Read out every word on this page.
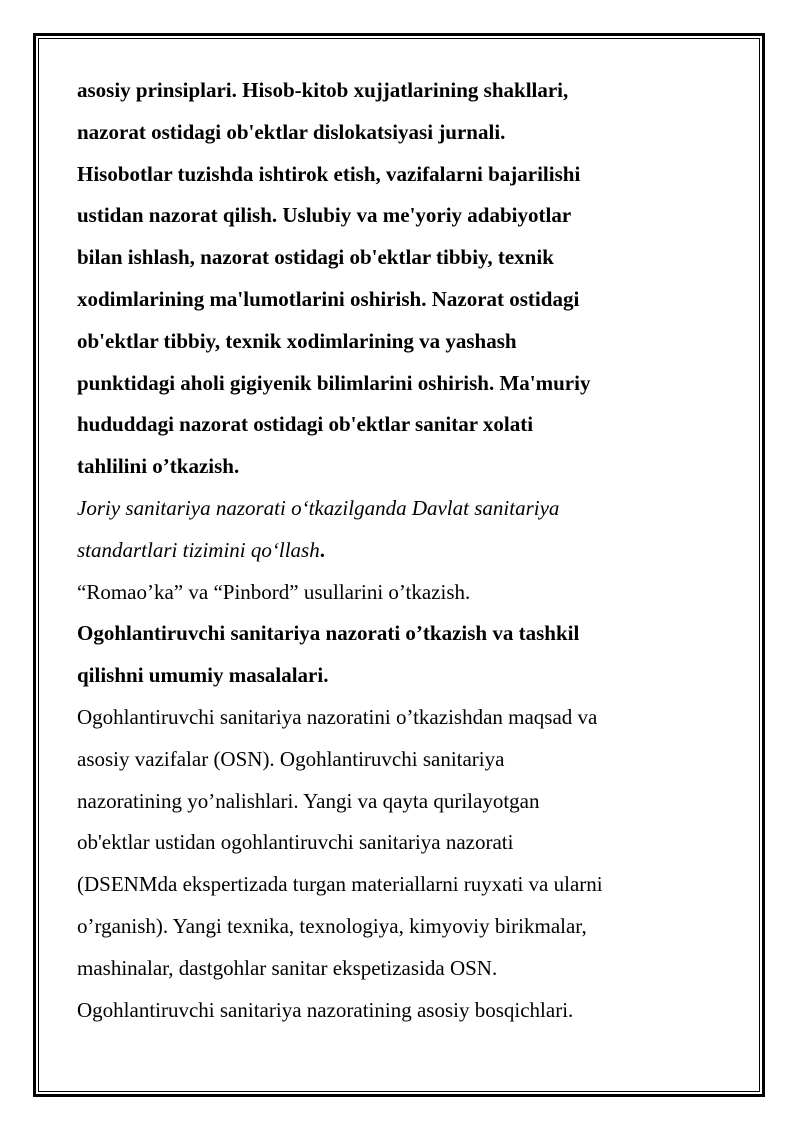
asosiy prinsiplari. Hisob-kitob xujjatlarining shakllari,
nazorat ostidagi ob'ektlar dislokatsiyasi jurnali.
Hisobotlar tuzishda ishtirok etish, vazifalarni bajarilishi
ustidan nazorat qilish. Uslubiy va me'yoriy adabiyotlar
bilan ishlash, nazorat ostidagi ob'ektlar tibbiy, texnik
xodimlarining ma'lumotlarini oshirish. Nazorat ostidagi
ob'ektlar tibbiy, texnik xodimlarining va yashash
punktidagi aholi gigiyenik bilimlarini oshirish. Ma'muriy
hududdagi nazorat ostidagi ob'ektlar sanitar xolati
tahlilini o’tkazish.

Joriy sanitariya nazorati o‘tkazilganda Davlat sanitariya
standartlari tizimini qo‘llash.

“Romao’ka” va “Pinbord” usullarini o’tkazish.

Ogohlantiruvchi sanitariya nazorati o’tkazish va tashkil
qilishni umumiy masalalari.

Ogohlantiruvchi sanitariya nazoratini o’tkazishdan maqsad va
asosiy vazifalar (OSN). Ogohlantiruvchi sanitariya
nazoratining yo’nalishlari. Yangi va qayta qurilayotgan
ob'ektlar ustidan ogohlantiruvchi sanitariya nazorati
(DSENMda ekspertizada turgan materiallarni ruyxati va ularni
o’rganish). Yangi texnika, texnologiya, kimyoviy birikmalar,
mashinalar, dastgohlar sanitar ekspetizasida OSN.
Ogohlantiruvchi sanitariya nazoratining asosiy bosqichlari.
